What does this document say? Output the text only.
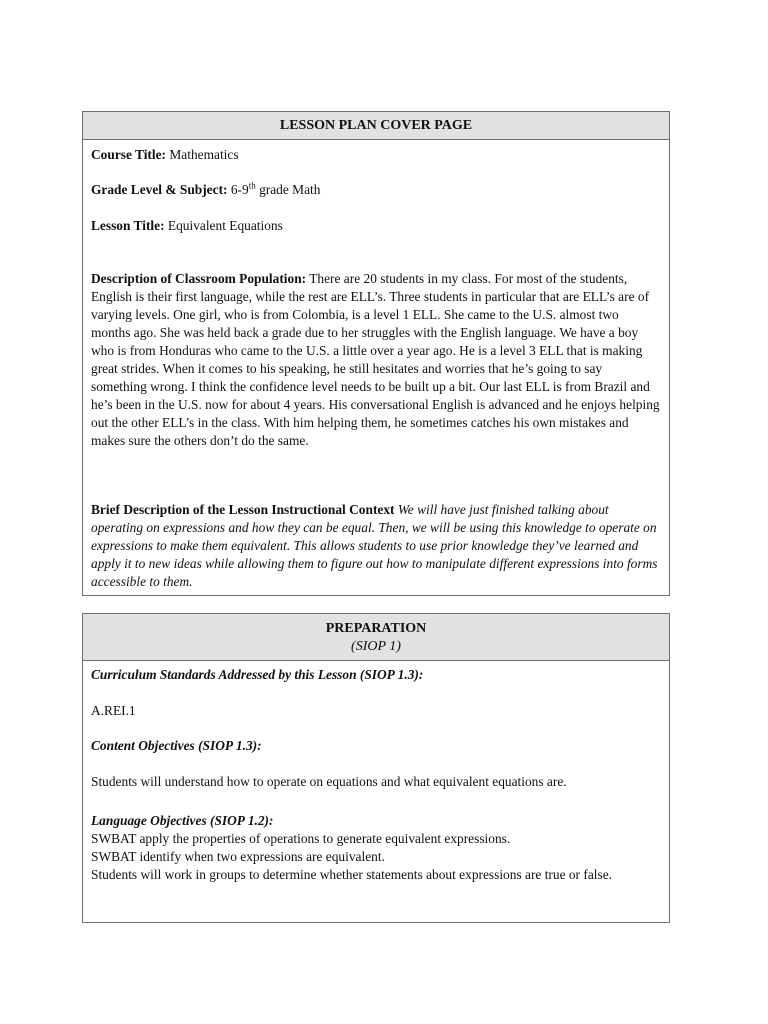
LESSON PLAN COVER PAGE
Course Title: Mathematics
Grade Level & Subject: 6-9th grade Math
Lesson Title: Equivalent Equations
Description of Classroom Population: There are 20 students in my class. For most of the students, English is their first language, while the rest are ELL’s. Three students in particular that are ELL’s are of varying levels. One girl, who is from Colombia, is a level 1 ELL. She came to the U.S. almost two months ago. She was held back a grade due to her struggles with the English language. We have a boy who is from Honduras who came to the U.S. a little over a year ago. He is a level 3 ELL that is making great strides. When it comes to his speaking, he still hesitates and worries that he’s going to say something wrong. I think the confidence level needs to be built up a bit. Our last ELL is from Brazil and he’s been in the U.S. now for about 4 years. His conversational English is advanced and he enjoys helping out the other ELL’s in the class. With him helping them, he sometimes catches his own mistakes and makes sure the others don’t do the same.
Brief Description of the Lesson Instructional Context We will have just finished talking about operating on expressions and how they can be equal. Then, we will be using this knowledge to operate on expressions to make them equivalent. This allows students to use prior knowledge they’ve learned and apply it to new ideas while allowing them to figure out how to manipulate different expressions into forms accessible to them.
PREPARATION
(SIOP 1)
Curriculum Standards Addressed by this Lesson (SIOP 1.3):
A.REI.1
Content Objectives (SIOP 1.3):
Students will understand how to operate on equations and what equivalent equations are.
Language Objectives (SIOP 1.2):
SWBAT apply the properties of operations to generate equivalent expressions.
SWBAT identify when two expressions are equivalent.
Students will work in groups to determine whether statements about expressions are true or false.
